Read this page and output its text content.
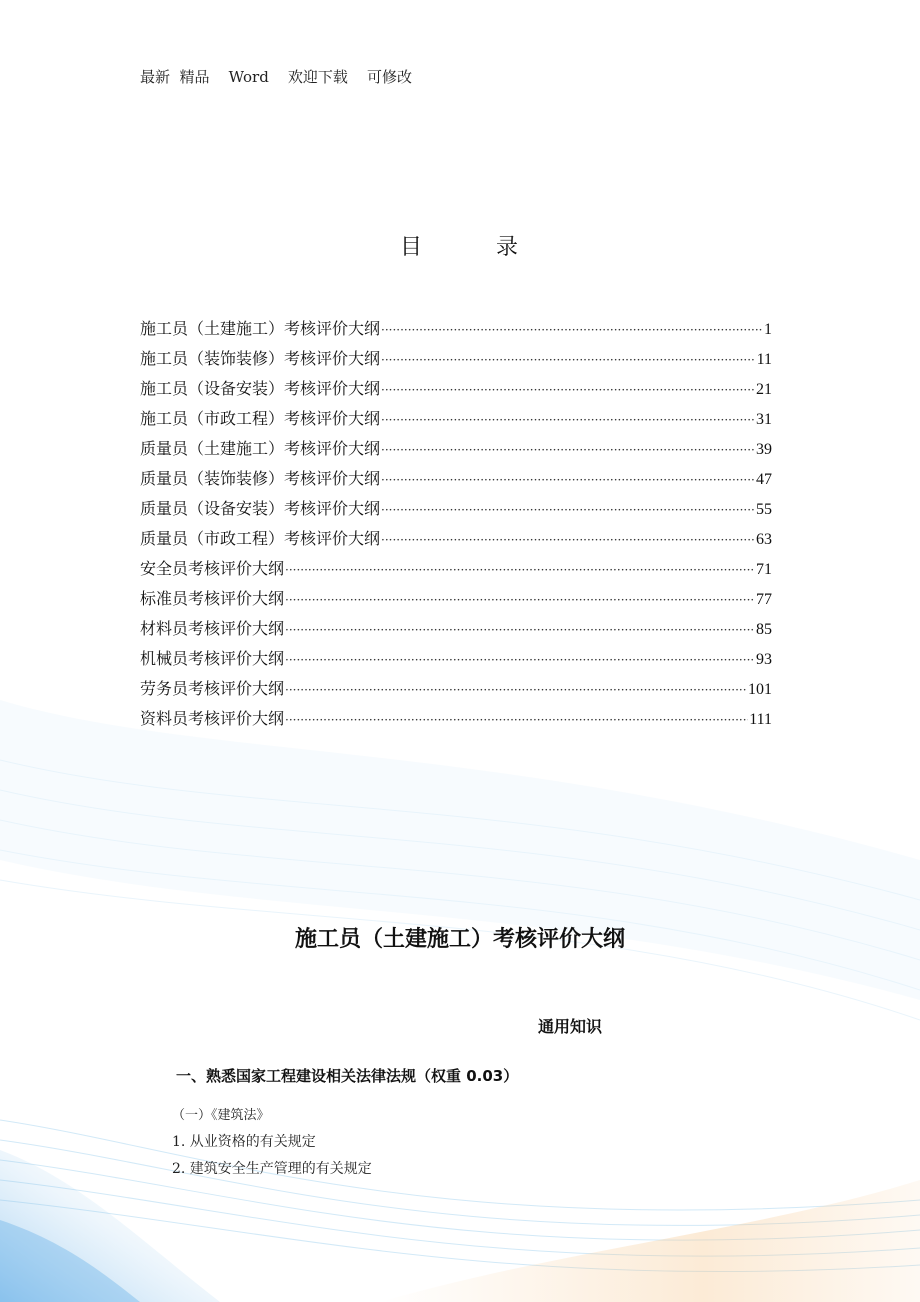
最新  精品    Word    欢迎下载    可修改
目	录
施工员（土建施工）考核评价大纲 ·····	1
施工员（装饰装修）考核评价大纲 ·····	11
施工员（设备安装）考核评价大纲 ·····	21
施工员（市政工程）考核评价大纲 ·····	31
质量员（土建施工）考核评价大纲 ·····	39
质量员（装饰装修）考核评价大纲 ·····	47
质量员（设备安装）考核评价大纲 ·····	55
质量员（市政工程）考核评价大纲 ·····	63
安全员考核评价大纲 ·····	71
标准员考核评价大纲 ·····	77
材料员考核评价大纲 ·····	85
机械员考核评价大纲 ·····	93
劳务员考核评价大纲 ·····	101
资料员考核评价大纲 ·····	111
施工员（土建施工）考核评价大纲
通用知识
一、熟悉国家工程建设相关法律法规（权重 0.03）
（一）《建筑法》
1. 从业资格的有关规定
2. 建筑安全生产管理的有关规定
